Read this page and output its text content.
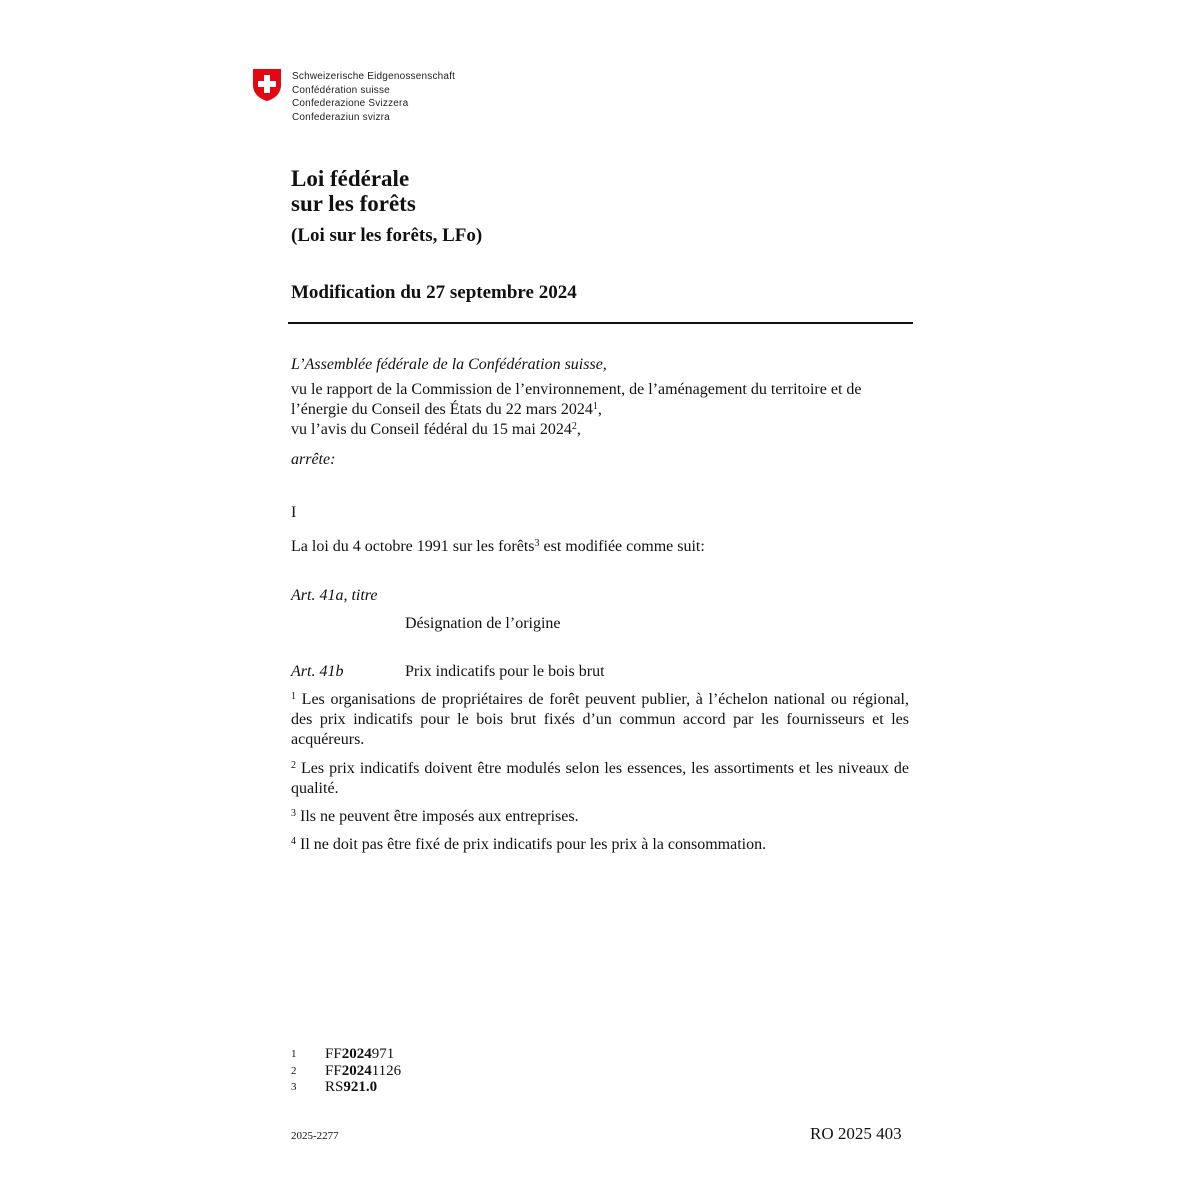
Schweizerische Eidgenossenschaft
Confédération suisse
Confederazione Svizzera
Confederaziun svizra
Loi fédérale
sur les forêts
(Loi sur les forêts, LFo)
Modification du 27 septembre 2024
L’Assemblée fédérale de la Confédération suisse,
vu le rapport de la Commission de l’environnement, de l’aménagement du territoire et de l’énergie du Conseil des États du 22 mars 2024$^1$,
vu l’avis du Conseil fédéral du 15 mai 2024$^2$,
arrête:
I
La loi du 4 octobre 1991 sur les forêts$^3$ est modifiée comme suit:
Art. 41a, titre
Désignation de l’origine
Art. 41b	Prix indicatifs pour le bois brut

$^1$ Les organisations de propriétaires de forêt peuvent publier, à l’échelon national ou régional, des prix indicatifs pour le bois brut fixés d’un commun accord par les fournisseurs et les acquéreurs.

$^2$ Les prix indicatifs doivent être modulés selon les essences, les assortiments et les niveaux de qualité.

$^3$ Ils ne peuvent être imposés aux entreprises.

$^4$ Il ne doit pas être fixé de prix indicatifs pour les prix à la consommation.

1	FF 2024 971
2	FF 2024 1126
3	RS 921.0
2025-2277	RO 2025 403
